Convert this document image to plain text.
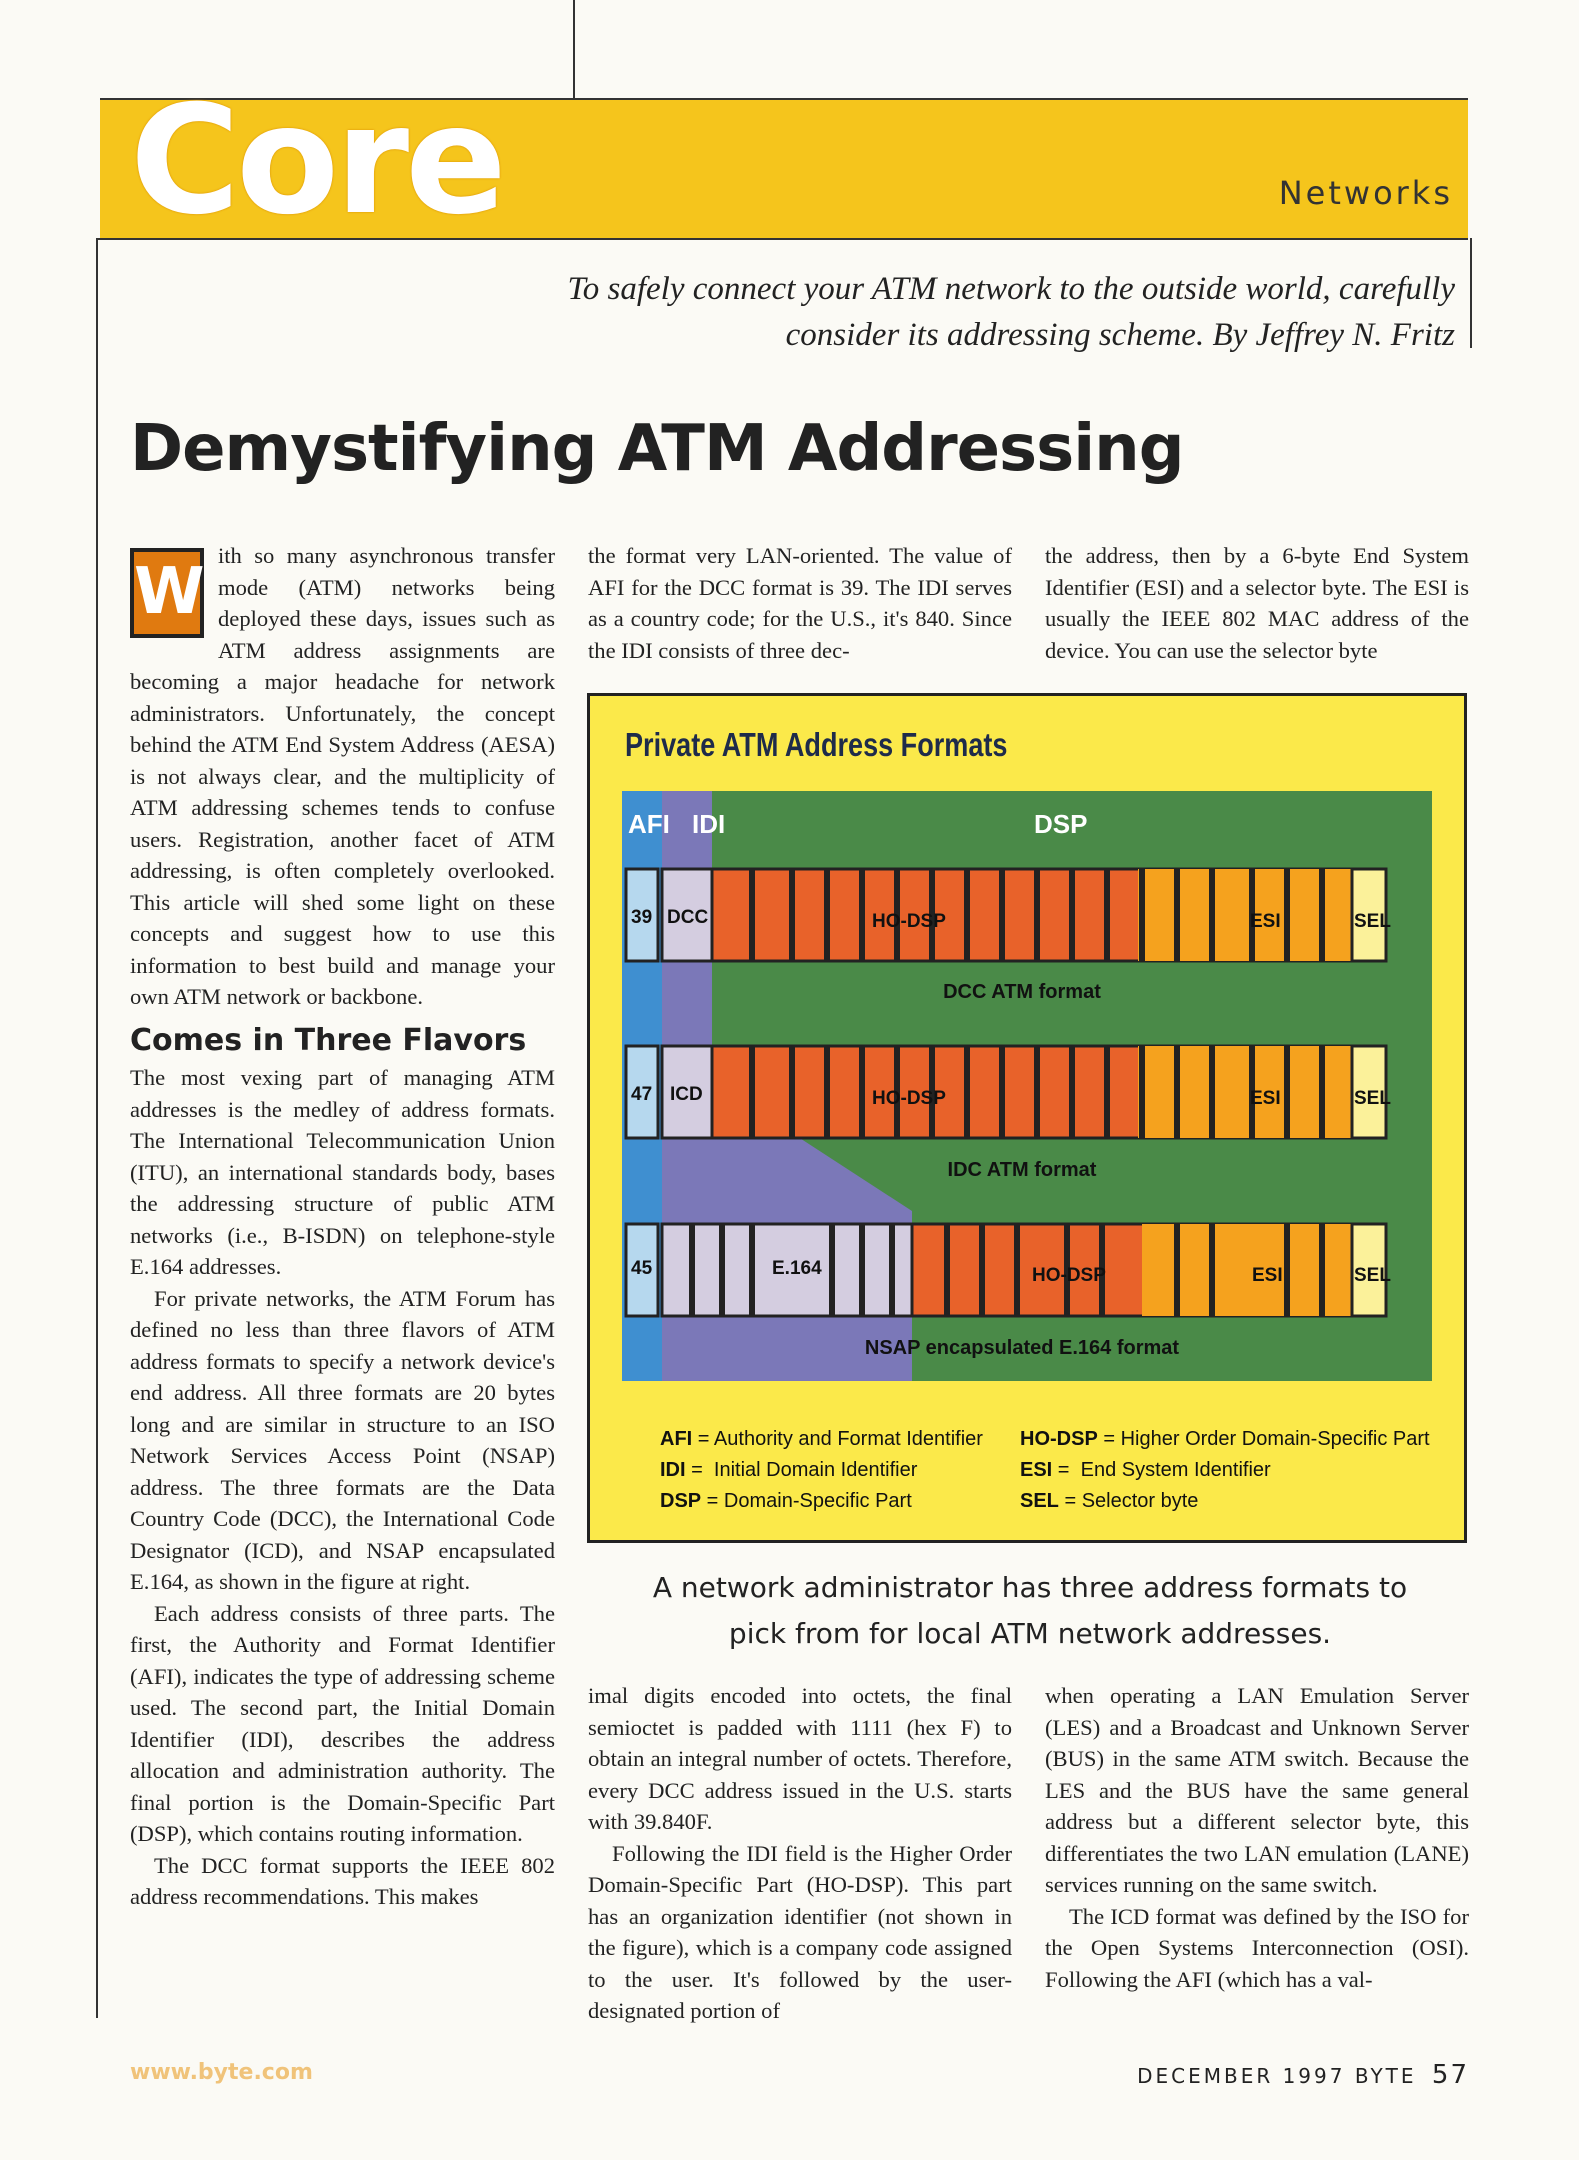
Core	Networks
To safely connect your ATM network to the outside world, carefully consider its addressing scheme. By Jeffrey N. Fritz
Demystifying ATM Addressing

W ith so many asynchronous transfer mode (ATM) networks being deployed these days, issues such as ATM address assignments are becoming a major headache for network administrators. Unfortunately, the concept behind the ATM End System Address (AESA) is not always clear, and the multiplicity of ATM addressing schemes tends to confuse users. Registration, another facet of ATM addressing, is often completely overlooked. This article will shed some light on these concepts and suggest how to use this information to best build and manage your own ATM network or backbone.

Comes in Three Flavors

The most vexing part of managing ATM addresses is the medley of address formats. The International Telecommunication Union (ITU), an international standards body, bases the addressing structure of public ATM networks (i.e., B-ISDN) on telephone-style E.164 addresses.

For private networks, the ATM Forum has defined no less than three flavors of ATM address formats to specify a network device's end address. All three formats are 20 bytes long and are similar in structure to an ISO Network Services Access Point (NSAP) address. The three formats are the Data Country Code (DCC), the International Code Designator (ICD), and NSAP encapsulated E.164, as shown in the figure at right.

Each address consists of three parts. The first, the Authority and Format Identifier (AFI), indicates the type of addressing scheme used. The second part, the Initial Domain Identifier (IDI), describes the address allocation and administration authority. The final portion is the Domain-Specific Part (DSP), which contains routing information.

The DCC format supports the IEEE 802 address recommendations. This makes

the format very LAN-oriented. The value of AFI for the DCC format is 39. The IDI serves as a country code; for the U.S., it's 840. Since the IDI consists of three dec-

the address, then by a 6-byte End System Identifier (ESI) and a selector byte. The ESI is usually the IEEE 802 MAC address of the device. You can use the selector byte

Private ATM Address Formats
AFI IDI	DSP
39 DCC	HO-DSP	ESI	SEL
DCC ATM format
47 ICD	HO-DSP	ESI	SEL
IDC ATM format
45	E.164	HO-DSP	ESI	SEL
NSAP encapsulated E.164 format
AFI = Authority and Format Identifier
IDI =  Initial Domain Identifier
DSP = Domain-Specific Part
HO-DSP = Higher Order Domain-Specific Part
ESI =  End System Identifier
SEL = Selector byte
A network administrator has three address formats to pick from for local ATM network addresses.

imal digits encoded into octets, the final semioctet is padded with 1111 (hex F) to obtain an integral number of octets. Therefore, every DCC address issued in the U.S. starts with 39.840F.

Following the IDI field is the Higher Order Domain-Specific Part (HO-DSP). This part has an organization identifier (not shown in the figure), which is a company code assigned to the user. It's followed by the user-designated portion of

when operating a LAN Emulation Server (LES) and a Broadcast and Unknown Server (BUS) in the same ATM switch. Because the LES and the BUS have the same general address but a different selector byte, this differentiates the two LAN emulation (LANE) services running on the same switch.

The ICD format was defined by the ISO for the Open Systems Interconnection (OSI). Following the AFI (which has a val-

www.byte.com	DECEMBER 1997 BYTE 57
